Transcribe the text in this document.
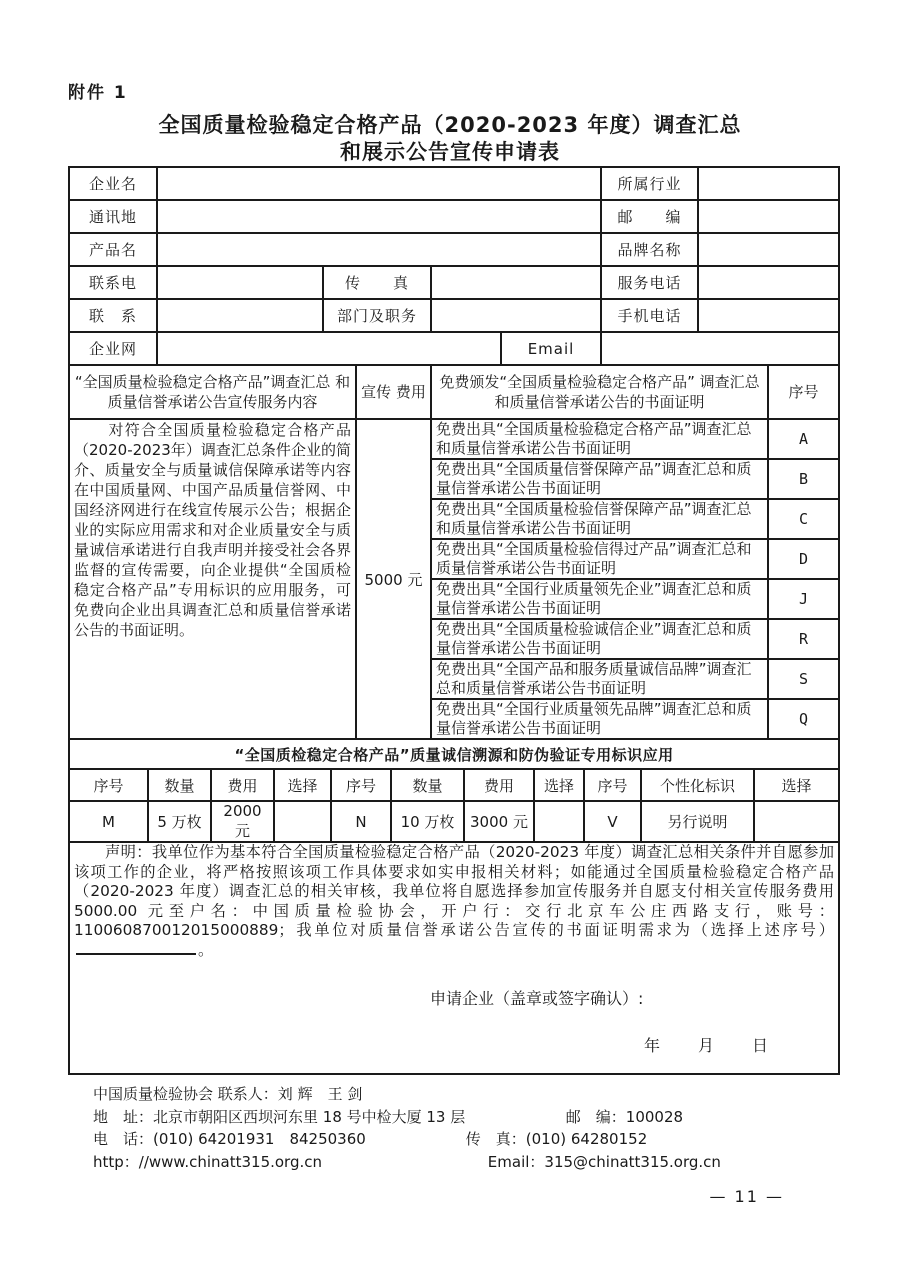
附件 1
全国质量检验稳定合格产品（2020-2023 年度）调查汇总
和展示公告宣传申请表
企业名					所属行业	
通讯地					邮　　编	
产品名					品牌名称	
联系电		传　　真			服务电话	
联　系		部门及职务			手机电话	
企业网				Email		
“全国质量检验稳定合格产品”调查汇总 和质量信誉承诺公告宣传服务内容	宣传 费用	免费颁发“全国质量检验稳定合格产品” 调查汇总和质量信誉承诺公告的书面证明	序号

对符合全国质量检验稳定合格产品（2020-2023年）调查汇总条件企业的简介、质量安全与质量诚信保障承诺等内容在中国质量网、中国产品质量信誉网、中国经济网进行在线宣传展示公告；根据企业的实际应用需求和对企业质量安全与质量诚信承诺进行自我声明并接受社会各界监督的宣传需要，向企业提供“全国质检稳定合格产品”专用标识的应用服务，可免费向企业出具调查汇总和质量信誉承诺公告的书面证明。	5000 元	免费出具“全国质量检验稳定合格产品”调查汇总和质量信誉承诺公告书面证明	A
		免费出具“全国质量信誉保障产品”调查汇总和质量信誉承诺公告书面证明	B
		免费出具“全国质量检验信誉保障产品”调查汇总和质量信誉承诺公告书面证明	C
		免费出具“全国质量检验信得过产品”调查汇总和质量信誉承诺公告书面证明	D
		免费出具“全国行业质量领先企业”调查汇总和质量信誉承诺公告书面证明	J
		免费出具“全国质量检验诚信企业”调查汇总和质量信誉承诺公告书面证明	R
		免费出具“全国产品和服务质量诚信品牌”调查汇总和质量信誉承诺公告书面证明	S
		免费出具“全国行业质量领先品牌”调查汇总和质量信誉承诺公告书面证明	Q
“全国质检稳定合格产品”质量诚信溯源和防伪验证专用标识应用										
序号	数量	费用	选择	序号	数量	费用	选择	序号	个性化标识	选择
M	5 万枚	2000 元		N	10 万枚	3000 元		V	另行说明	

声明：我单位作为基本符合全国质量检验稳定合格产品（2020-2023 年度）调查汇总相关条件并自愿参加该项工作的企业，将严格按照该项工作具体要求如实申报相关材料；如能通过全国质量检验稳定合格产品（2020-2023 年度）调查汇总的相关审核，我单位将自愿选择参加宣传服务并自愿支付相关宣传服务费用 5000.00 元至户名：中国质量检验协会，开户行：交行北京车公庄西路支行，账号：110060870012015000889；我单位对质量信誉承诺公告宣传的书面证明需求为（选择上述序号）。

申请企业（盖章或签字确认）:
年　　月　　日
中国质量检验协会 联系人：刘 辉　王 剑
地　址：北京市朝阳区西坝河东里 18 号中检大厦 13 层	邮　编：100028
电　话：(010) 64201931　84250360	传　真：(010) 64280152
http：//www.chinatt315.org.cn	Email：315@chinatt315.org.cn
— 11 —
